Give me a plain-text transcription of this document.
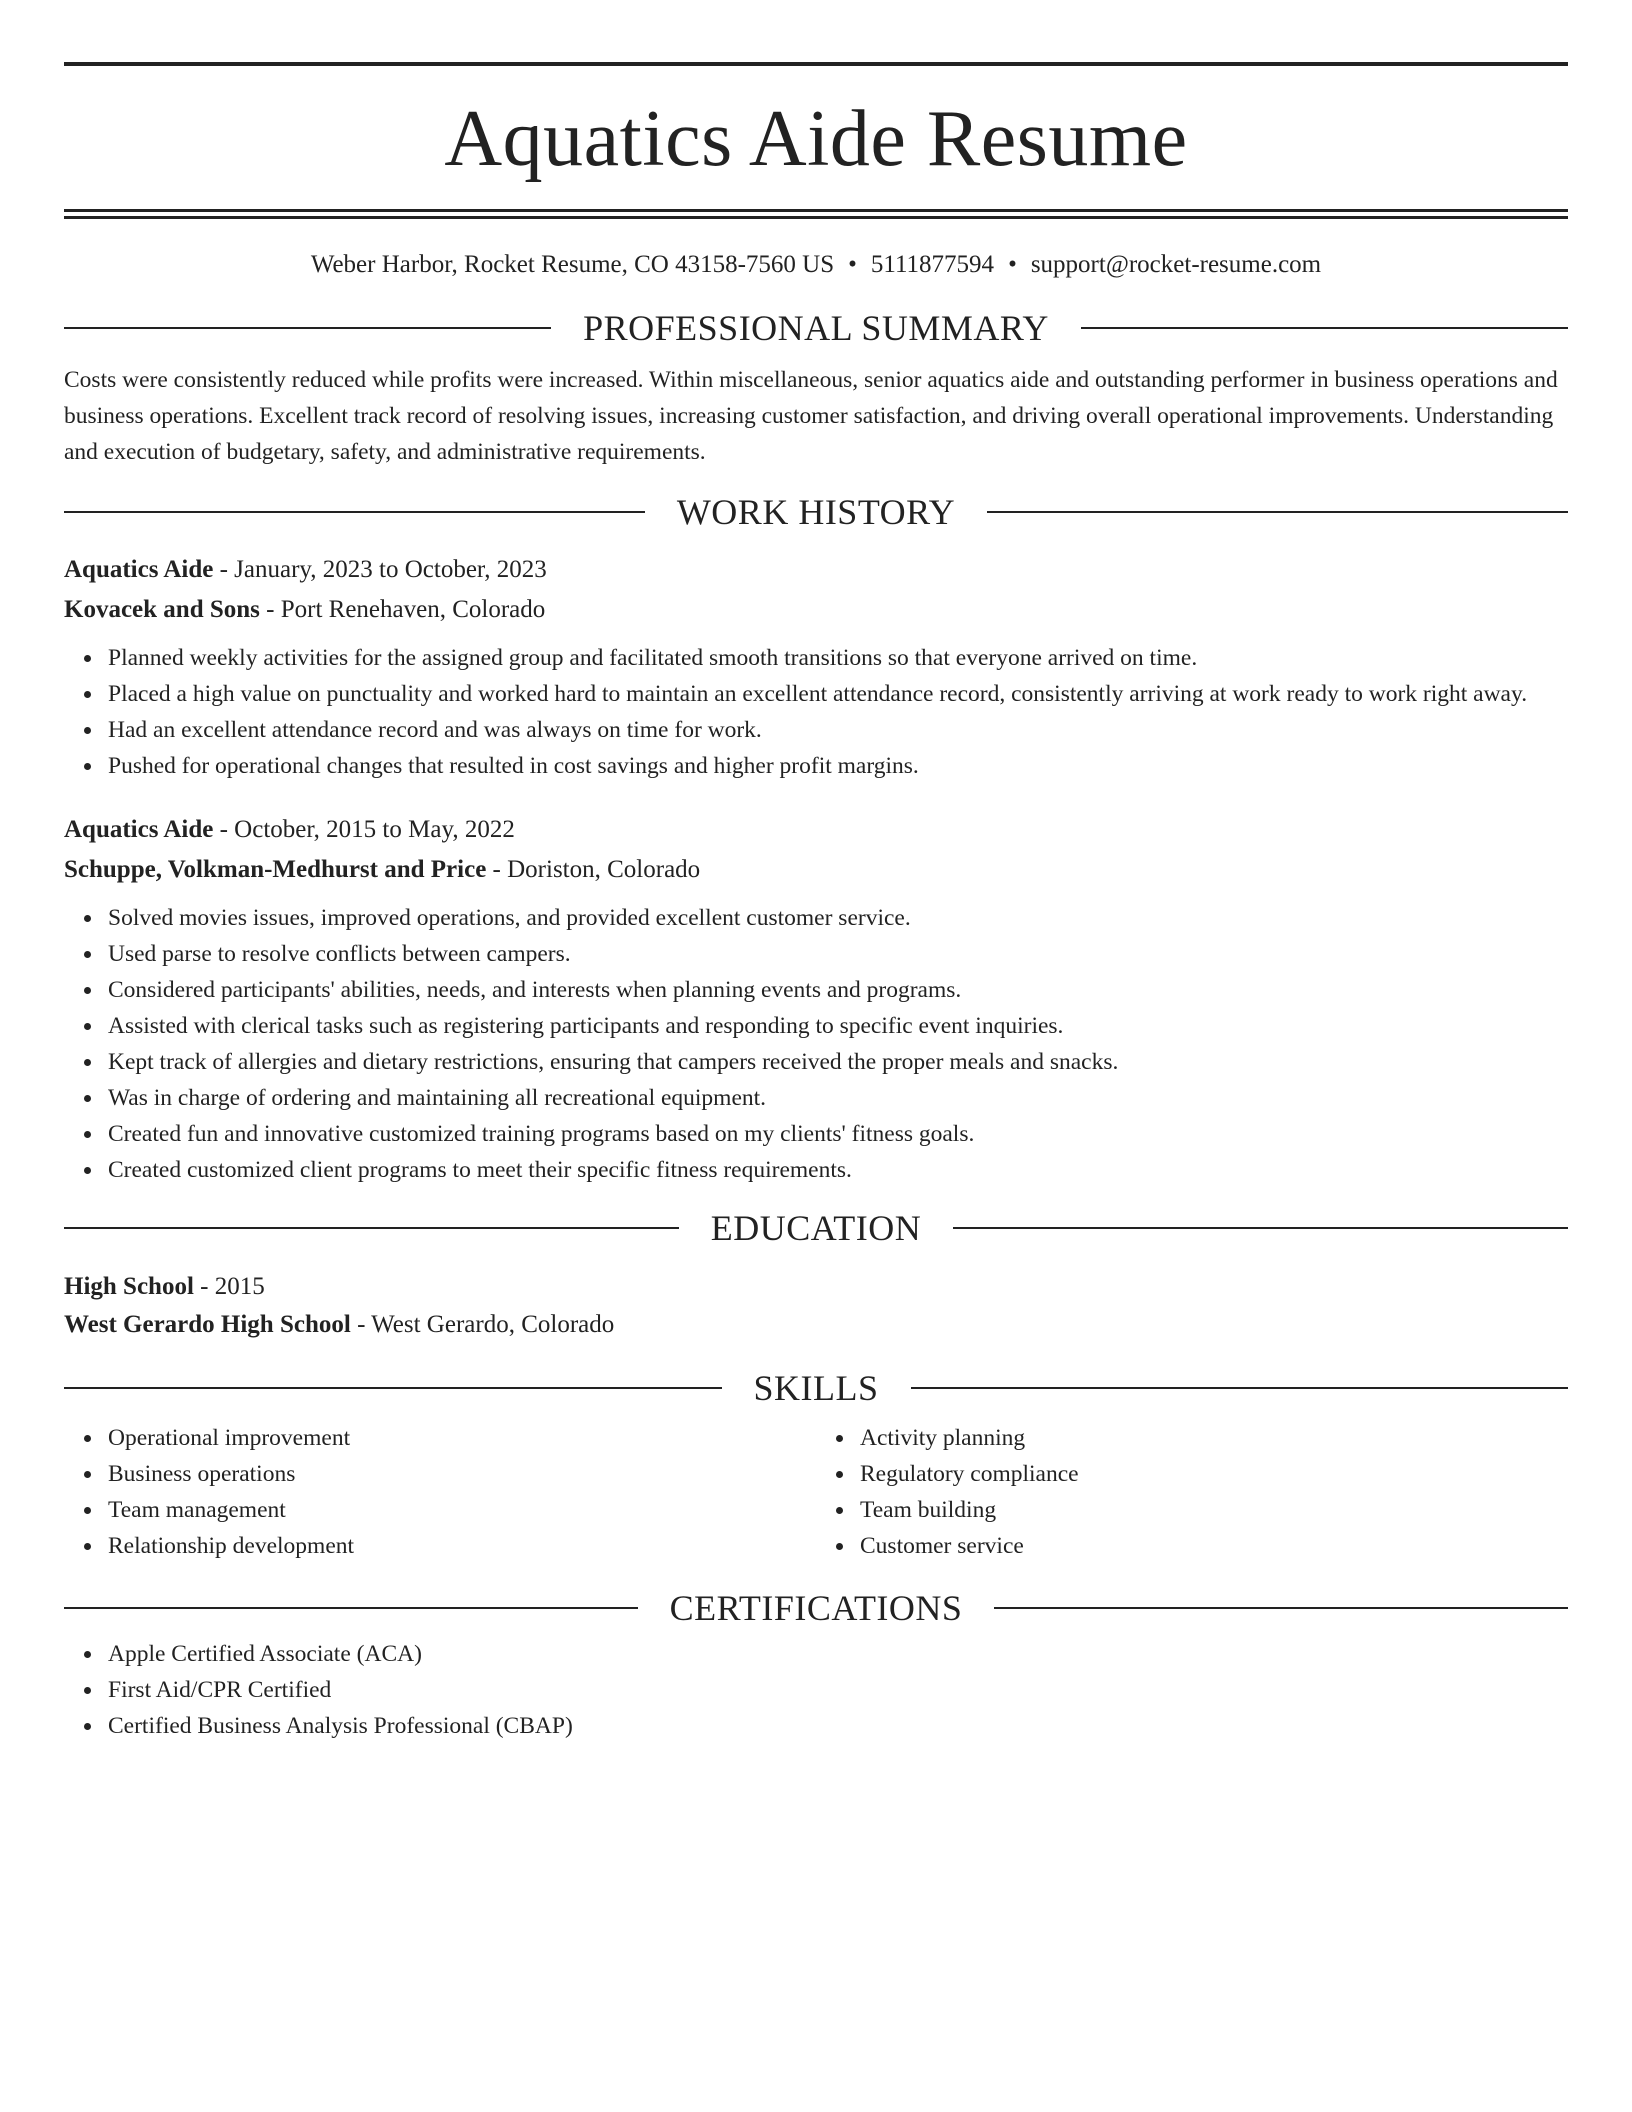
Aquatics Aide Resume
Weber Harbor, Rocket Resume, CO 43158-7560 US • 5111877594 • support@rocket-resume.com
PROFESSIONAL SUMMARY

Costs were consistently reduced while profits were increased. Within miscellaneous, senior aquatics aide and outstanding performer in business operations and business operations. Excellent track record of resolving issues, increasing customer satisfaction, and driving overall operational improvements. Understanding and execution of budgetary, safety, and administrative requirements.

WORK HISTORY
Aquatics Aide - January, 2023 to October, 2023
Kovacek and Sons - Port Renehaven, Colorado
Planned weekly activities for the assigned group and facilitated smooth transitions so that everyone arrived on time.
Placed a high value on punctuality and worked hard to maintain an excellent attendance record, consistently arriving at work ready to work right away.
Had an excellent attendance record and was always on time for work.
Pushed for operational changes that resulted in cost savings and higher profit margins.
Aquatics Aide - October, 2015 to May, 2022
Schuppe, Volkman-Medhurst and Price - Doriston, Colorado
Solved movies issues, improved operations, and provided excellent customer service.
Used parse to resolve conflicts between campers.
Considered participants' abilities, needs, and interests when planning events and programs.
Assisted with clerical tasks such as registering participants and responding to specific event inquiries.
Kept track of allergies and dietary restrictions, ensuring that campers received the proper meals and snacks.
Was in charge of ordering and maintaining all recreational equipment.
Created fun and innovative customized training programs based on my clients' fitness goals.
Created customized client programs to meet their specific fitness requirements.
EDUCATION
High School - 2015
West Gerardo High School - West Gerardo, Colorado
SKILLS
Operational improvement
Business operations
Team management
Relationship development
Activity planning
Regulatory compliance
Team building
Customer service
CERTIFICATIONS
Apple Certified Associate (ACA)
First Aid/CPR Certified
Certified Business Analysis Professional (CBAP)
